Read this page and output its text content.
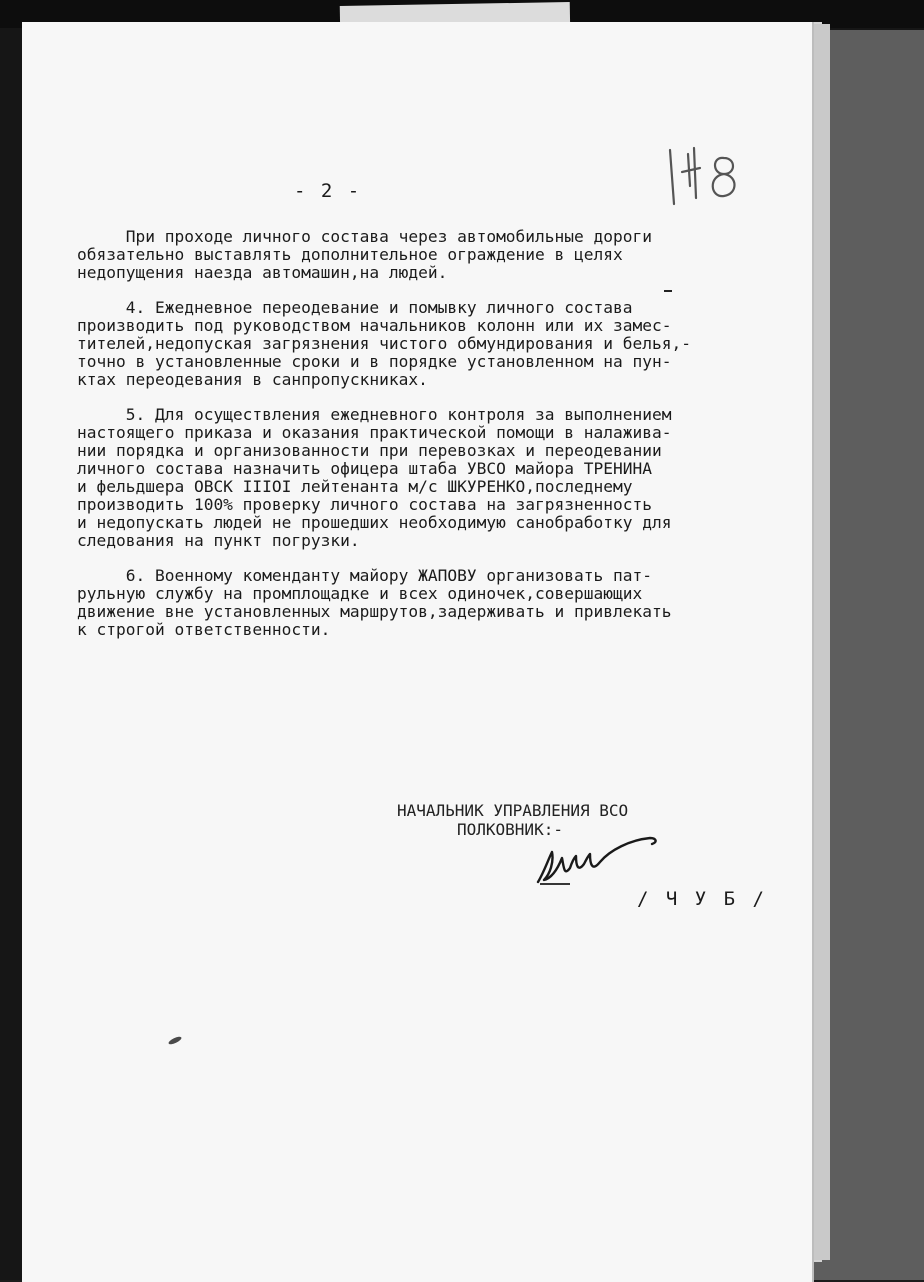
- 2 -
При проходе личного состава через автомобильные дороги
обязательно выставлять дополнительное ограждение в целях
недопущения наезда автомашин,на людей.
4. Ежедневное переодевание и помывку личного состава
производить под руководством начальников колонн или их замес-
тителей,недопуская загрязнения чистого обмундирования и белья,-
точно в установленные сроки и в порядке установленном на пун-
ктах переодевания в санпропускниках.
5. Для осуществления ежедневного контроля за выполнением
настоящего приказа и оказания практической помощи в налажива-
нии порядка и организованности при перевозках и переодевании
личного состава назначить офицера штаба УВСО майора ТРЕНИНА
и фельдшера ОВСК IIIOI лейтенанта м/с ШКУРЕНКО,последнему
производить 100% проверку личного состава на загрязненность
и недопускать людей не прошедших необходимую санобработку для
следования на пункт погрузки.
6. Военному коменданту майору ЖАПОВУ организовать пат-
рульную службу на промплощадке и всех одиночек,совершающих
движение вне установленных маршрутов,задерживать и привлекать
к строгой ответственности.
НАЧАЛЬНИК УПРАВЛЕНИЯ ВСО
ПОЛКОВНИК:-
/ Ч У Б /
